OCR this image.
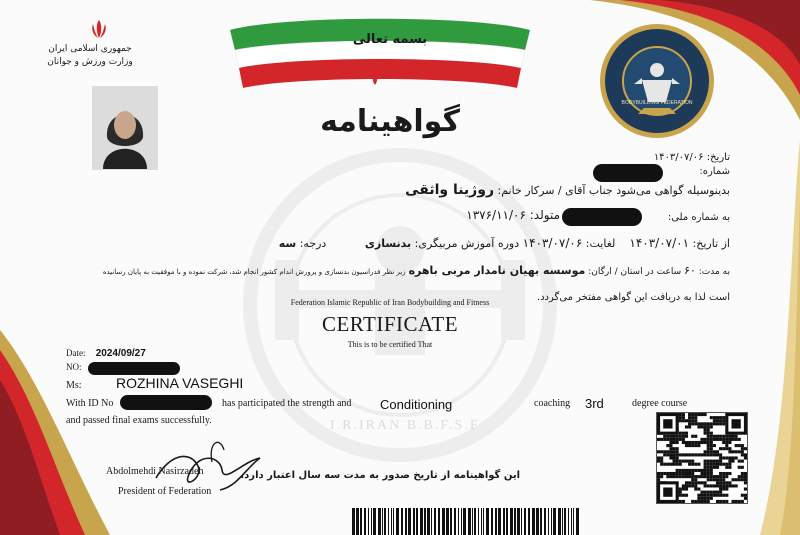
I.R.IRAN B.B.F.S.F
جمهوری اسلامی ایران
وزارت ورزش و جوانان
بسمه تعالی
گواهینامه
BODYBUILDING FEDERATION
تاریخ: ۱۴۰۳/۰۷/۰۶
شماره:
بدینوسیله گواهی می‌شود جناب آقای / سرکار خانم: روژینا واثقی
به شماره ملی:
متولد: ۱۳۷۶/۱۱/۰۶
از تاریخ: ۱۴۰۳/۰۷/۰۱    لغایت: ۱۴۰۳/۰۷/۰۶ دوره آموزش مربیگری: بدنسازی           درجه: سه
به مدت: ۶۰ ساعت در استان / ارگان: موسسه بهیان نامدار مربی باهره زیر نظر فدراسیون بدنسازی و پرورش اندام کشور انجام شد، شرکت نموده و با موفقیت به پایان رسانیده
است لذا به دریافت این گواهی مفتخر می‌گردد.
Federation Islamic Republic of Iran Bodybuilding and Fitness
CERTIFICATE
This is to be certified That
Date: 2024/09/27
NO:
Ms: ROZHINA VASEGHI
With ID No	has participated the strength and Conditioning	coaching 3rd	degree course
and passed final exams successfully.
Abdolmehdi Nasirzadeh
President of Federation
این گواهینامه از تاریخ صدور به مدت سه سال اعتبار دارد.
